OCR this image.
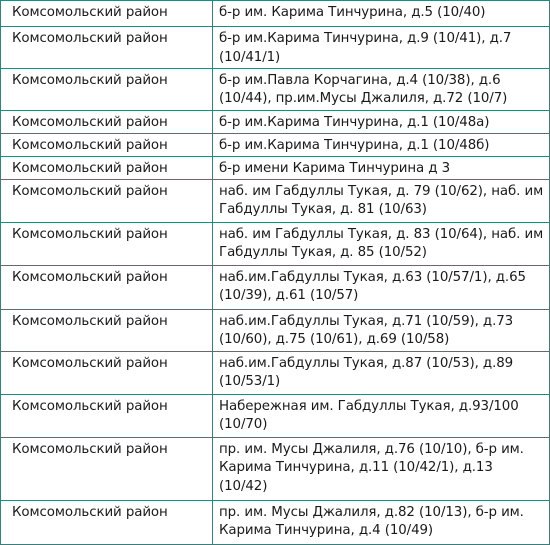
Комсомольский район	б-р им. Карима Тинчурина, д.5 (10/40)
Комсомольский район	б-р им.Карима Тинчурина, д.9 (10/41), д.7 (10/41/1)
Комсомольский район	б-р им.Павла Корчагина, д.4 (10/38), д.6 (10/44), пр.им.Мусы Джалиля, д.72 (10/7)
Комсомольский район	б-р им.Карима Тинчурина, д.1 (10/48а)
Комсомольский район	б-р им.Карима Тинчурина, д.1 (10/48б)
Комсомольский район	б-р имени Карима Тинчурина д 3
Комсомольский район	наб. им Габдуллы Тукая, д. 79 (10/62), наб. им Габдуллы Тукая, д. 81 (10/63)
Комсомольский район	наб. им Габдуллы Тукая, д. 83 (10/64), наб. им Габдуллы Тукая, д. 85 (10/52)
Комсомольский район	наб.им.Габдуллы Тукая, д.63 (10/57/1), д.65 (10/39), д.61 (10/57)
Комсомольский район	наб.им.Габдуллы Тукая, д.71 (10/59), д.73 (10/60), д.75 (10/61), д.69 (10/58)
Комсомольский район	наб.им.Габдуллы Тукая, д.87 (10/53), д.89 (10/53/1)
Комсомольский район	Набережная им. Габдуллы Тукая, д.93/100 (10/70)
Комсомольский район	пр. им. Мусы Джалиля, д.76 (10/10), б-р им. Карима Тинчурина, д.11 (10/42/1), д.13 (10/42)
Комсомольский район	пр. им. Мусы Джалиля, д.82 (10/13), б-р им. Карима Тинчурина, д.4 (10/49)
